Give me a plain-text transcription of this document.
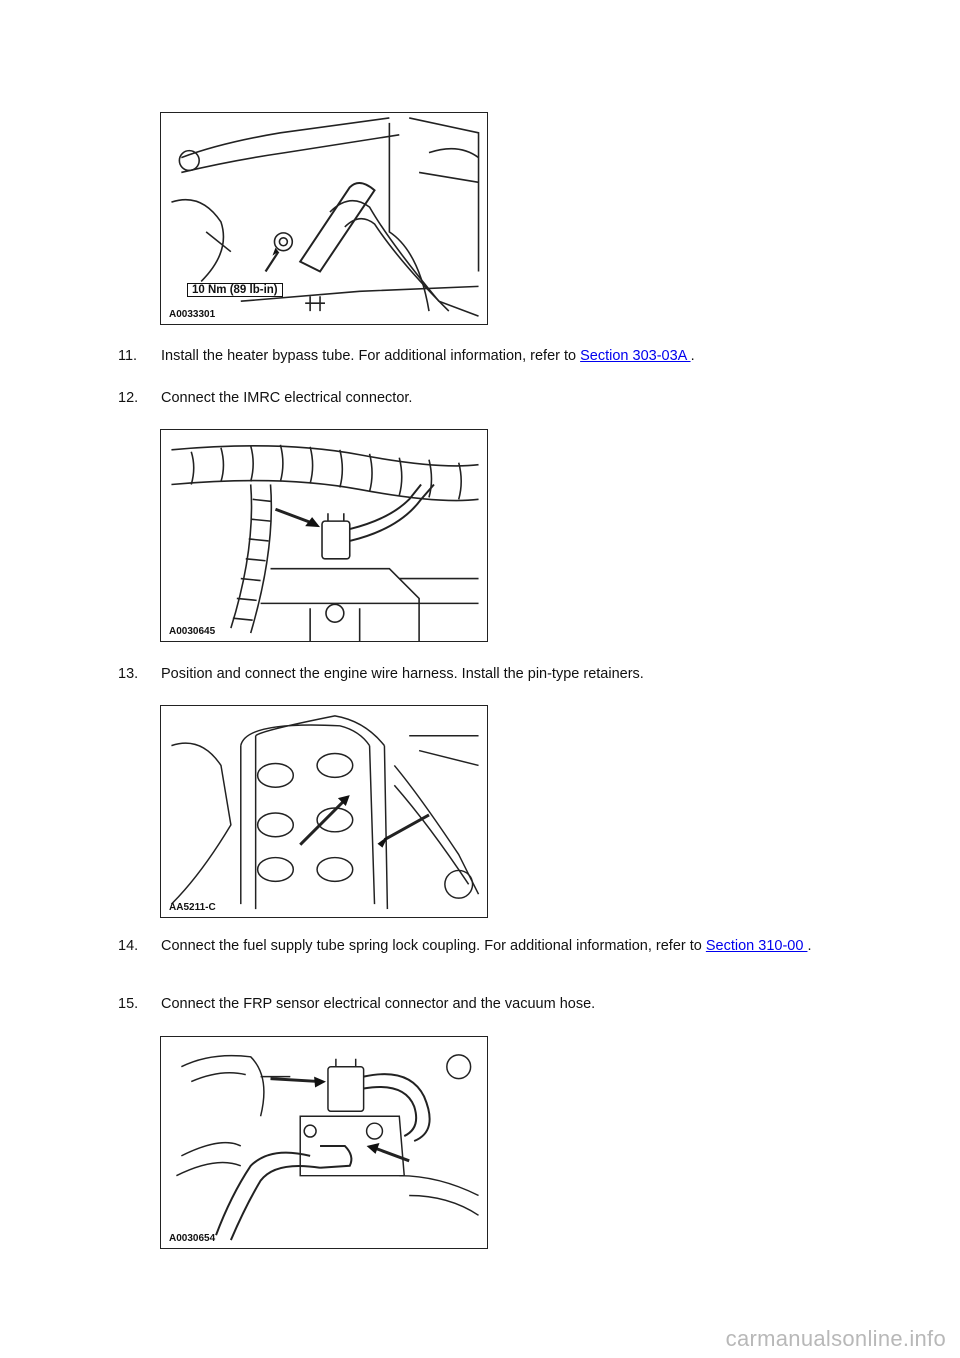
10 Nm (89 lb-in)
A0033301
11.	Install the heater bypass tube. For additional information, refer to Section 303-03A .
12.	Connect the IMRC electrical connector.
A0030645
13.	Position and connect the engine wire harness. Install the pin-type retainers.
AA5211-C
14.	Connect the fuel supply tube spring lock coupling. For additional information, refer to Section 310-00 .
15.	Connect the FRP sensor electrical connector and the vacuum hose.
A0030654
carmanualsonline.info
